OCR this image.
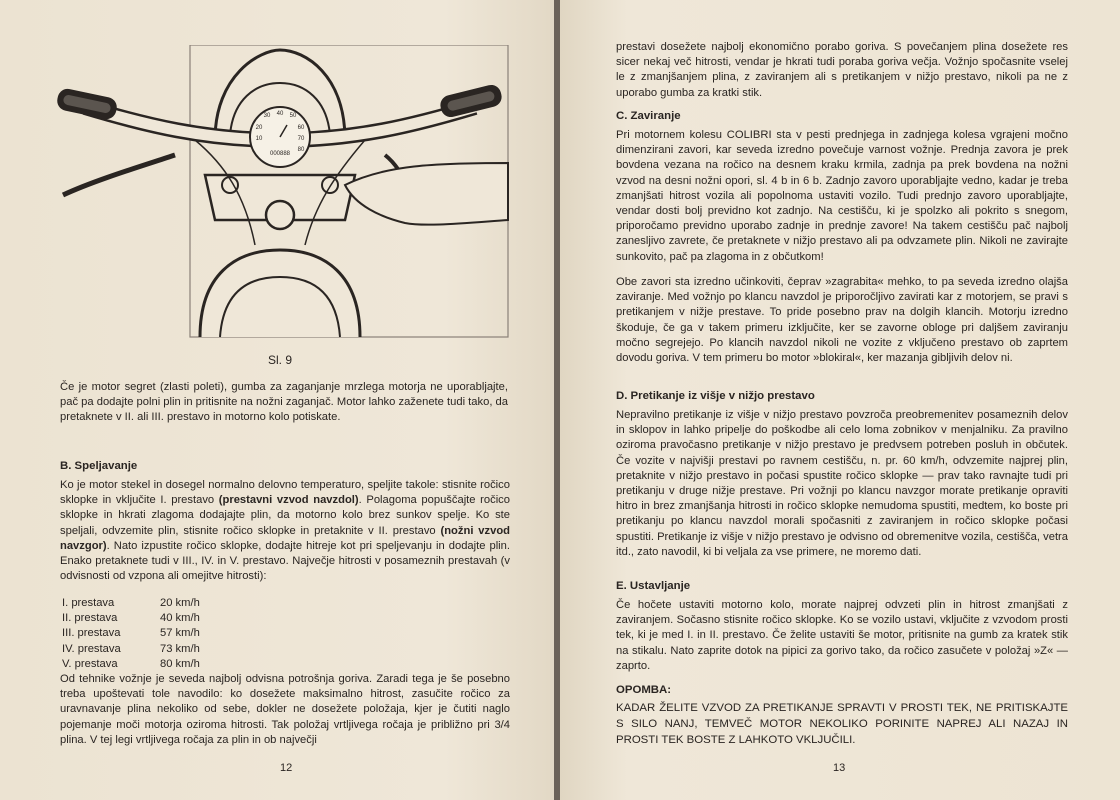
30 40 50
20	60
10	70
80
000888
Sl. 9

Če je motor segret (zlasti poleti), gumba za zaganjanje mrzlega motorja ne uporabljajte, pač pa dodajte polni plin in pritisnite na nožni zaganjač. Motor lahko zaženete tudi tako, da pretaknete v II. ali III. prestavo in motorno kolo potiskate.

B. Speljavanje

Ko je motor stekel in dosegel normalno delovno temperaturo, speljite takole: stisnite ročico sklopke in vključite I. prestavo (prestavni vzvod navzdol). Polagoma popuščajte ročico sklopke in hkrati zlagoma dodajajte plin, da motorno kolo brez sunkov spelje. Ko ste speljali, odvzemite plin, stisnite ročico sklopke in pretaknite v II. prestavo (nožni vzvod navzgor). Nato izpustite ročico sklopke, dodajte hitreje kot pri speljevanju in dodajte plin. Enako pretaknete tudi v III., IV. in V. prestavo. Največje hitrosti v posameznih prestavah (v odvisnosti od vzpona ali omejitve hitrosti):

I. prestava	20 km/h
II. prestava	40 km/h
III. prestava	57 km/h
IV. prestava	73 km/h
V. prestava	80 km/h

Od tehnike vožnje je seveda najbolj odvisna potrošnja goriva. Zaradi tega je še posebno treba upoštevati tole navodilo: ko dosežete maksimalno hitrost, zasučite ročico za uravnavanje plina nekoliko od sebe, dokler ne dosežete položaja, kjer je čutiti naglo pojemanje moči motorja oziroma hitrosti. Tak položaj vrtljivega ročaja je približno pri 3/4 plina. V tej legi vrtljivega ročaja za plin in ob največji

12

prestavi dosežete najbolj ekonomično porabo goriva. S povečanjem plina dosežete res sicer nekaj več hitrosti, vendar je hkrati tudi poraba goriva večja. Vožnjo spočasnite vselej le z zmanjšanjem plina, z zaviranjem ali s pretikanjem v nižjo prestavo, nikoli pa ne z uporabo gumba za kratki stik.

C. Zaviranje

Pri motornem kolesu COLIBRI sta v pesti prednjega in zadnjega kolesa vgrajeni močno dimenzirani zavori, kar seveda izredno povečuje varnost vožnje. Prednja zavora je prek bovdena vezana na ročico na desnem kraku krmila, zadnja pa prek bovdena na nožni vzvod na desni nožni opori, sl. 4 b in 6 b. Zadnjo zavoro uporabljajte vedno, kadar je treba zmanjšati hitrost vozila ali popolnoma ustaviti vozilo. Tudi prednjo zavoro uporabljajte, vendar dosti bolj previdno kot zadnjo. Na cestišču, ki je spolzko ali pokrito s snegom, priporočamo previdno uporabo zadnje in prednje zavore! Na takem cestišču pač najbolj zanesljivo zavrete, če pretaknete v nižjo prestavo ali pa odvzamete plin. Nikoli ne zavirajte sunkovito, pač pa zlagoma in z občutkom!

Obe zavori sta izredno učinkoviti, čeprav »zagrabita« mehko, to pa seveda izredno olajša zaviranje. Med vožnjo po klancu navzdol je priporočljivo zavirati kar z motorjem, se pravi s pretikanjem v nižje prestave. To pride posebno prav na dolgih klancih. Motorju izredno škoduje, če ga v takem primeru izključite, ker se zavorne obloge pri daljšem zaviranju močno segrejejo. Po klancih navzdol nikoli ne vozite z vključeno prestavo ob zaprtem dovodu goriva. V tem primeru bo motor »blokiral«, ker mazanja gibljivih delov ni.

D. Pretikanje iz višje v nižjo prestavo

Nepravilno pretikanje iz višje v nižjo prestavo povzroča preobremenitev posameznih delov in sklopov in lahko pripelje do poškodbe ali celo loma zobnikov v menjalniku. Za pravilno oziroma pravočasno pretikanje v nižjo prestavo je predvsem potreben posluh in občutek. Če vozite v najvišji prestavi po ravnem cestišču, n. pr. 60 km/h, odvzemite najprej plin, pretaknite v nižjo prestavo in počasi spustite ročico sklopke — prav tako ravnajte tudi pri pretikanju v druge nižje prestave. Pri vožnji po klancu navzgor morate pretikanje opraviti hitro in brez zmanjšanja hitrosti in ročico sklopke nemudoma spustiti, medtem, ko boste pri pretikanju po klancu navzdol morali spočasniti z zaviranjem in ročico sklopke počasi spustiti. Pretikanje iz višje v nižjo prestavo je odvisno od obremenitve vozila, cestišča, vetra itd., zato navodil, ki bi veljala za vse primere, ne moremo dati.

E. Ustavljanje

Če hočete ustaviti motorno kolo, morate najprej odvzeti plin in hitrost zmanjšati z zaviranjem. Sočasno stisnite ročico sklopke. Ko se vozilo ustavi, vključite z vzvodom prosti tek, ki je med I. in II. prestavo. Če želite ustaviti še motor, pritisnite na gumb za kratek stik na stikalu. Nato zaprite dotok na pipici za gorivo tako, da ročico zasučete v položaj »Z« — zaprto.

OPOMBA:

KADAR ŽELITE VZVOD ZA PRETIKANJE SPRAVTI V PROSTI TEK, NE PRITISKAJTE S SILO NANJ, TEMVEČ MOTOR NEKOLIKO PORINITE NAPREJ ALI NAZAJ IN PROSTI TEK BOSTE Z LAHKOTO VKLJUČILI.

13
